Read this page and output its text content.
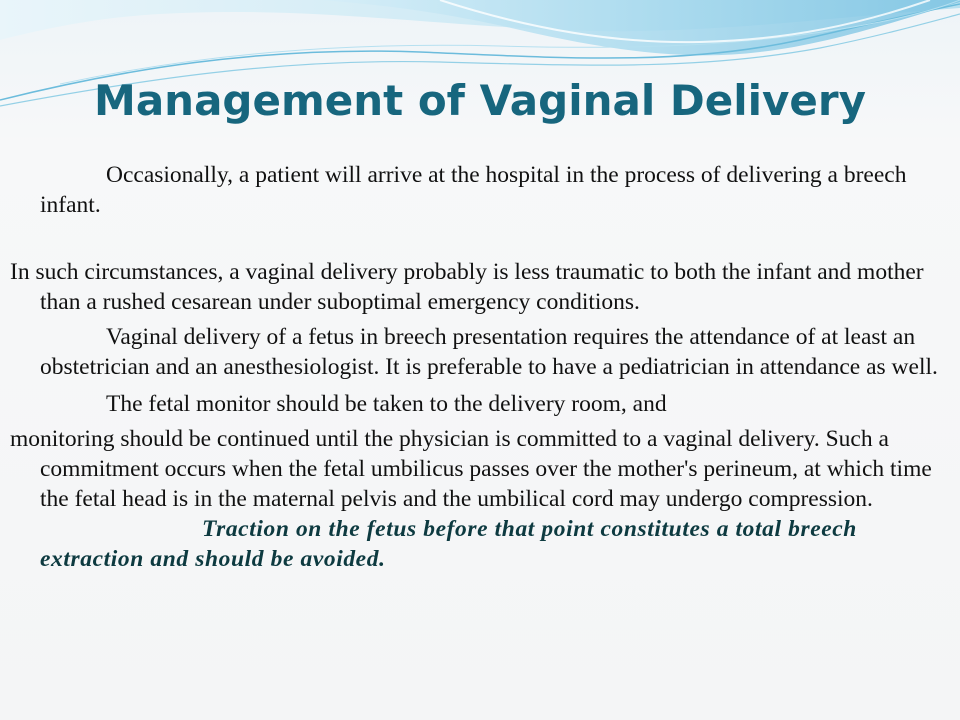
Management of Vaginal Delivery

Occasionally, a patient will arrive at the hospital in the process of delivering a breech infant.

In such circumstances, a vaginal delivery probably is less traumatic to both the infant and mother than a rushed cesarean under suboptimal emergency conditions.

Vaginal delivery of a fetus in breech presentation requires the attendance of at least an obstetrician and an anesthesiologist. It is preferable to have a pediatrician in attendance as well.

The fetal monitor should be taken to the delivery room, and

monitoring should be continued until the physician is committed to a vaginal delivery. Such a commitment occurs when the fetal umbilicus passes over the mother's perineum, at which time the fetal head is in the maternal pelvis and the umbilical cord may undergo compression. Traction on the fetus before that point constitutes a total breech extraction and should be avoided.
